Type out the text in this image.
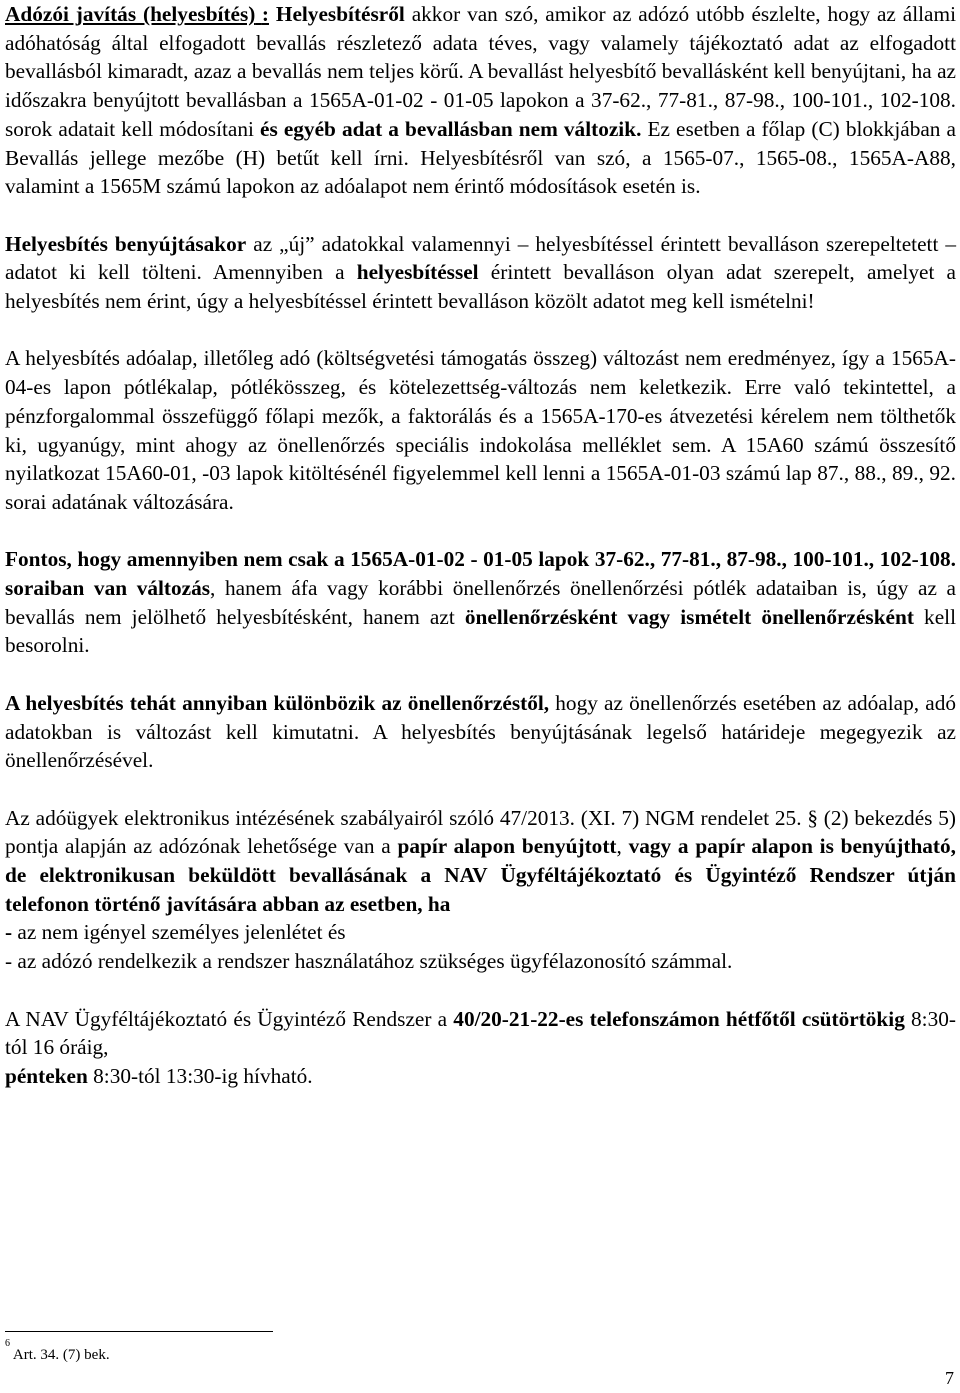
Adózói javítás (helyesbítés) : Helyesbítésről akkor van szó, amikor az adózó utóbb észlelte, hogy az állami adóhatóság által elfogadott bevallás részletező adata téves, vagy valamely tájékoztató adat az elfogadott bevallásból kimaradt, azaz a bevallás nem teljes körű. A bevallást helyesbítő bevallásként kell benyújtani, ha az időszakra benyújtott bevallásban a 1565A-01-02 - 01-05 lapokon a 37-62., 77-81., 87-98., 100-101., 102-108. sorok adatait kell módosítani és egyéb adat a bevallásban nem változik. Ez esetben a főlap (C) blokkjában a Bevallás jellege mezőbe (H) betűt kell írni. Helyesbítésről van szó, a 1565-07., 1565-08., 1565A-A88, valamint a 1565M számú lapokon az adóalapot nem érintő módosítások esetén is.

Helyesbítés benyújtásakor az „új” adatokkal valamennyi – helyesbítéssel érintett bevalláson szerepeltetett – adatot ki kell tölteni. Amennyiben a helyesbítéssel érintett bevalláson olyan adat szerepelt, amelyet a helyesbítés nem érint, úgy a helyesbítéssel érintett bevalláson közölt adatot meg kell ismételni!

A helyesbítés adóalap, illetőleg adó (költségvetési támogatás összeg) változást nem eredményez, így a 1565A-04-es lapon pótlékalap, pótlékösszeg, és kötelezettség-változás nem keletkezik. Erre való tekintettel, a pénzforgalommal összefüggő főlapi mezők, a faktorálás és a 1565A-170-es átvezetési kérelem nem tölthetők ki, ugyanúgy, mint ahogy az önellenőrzés speciális indokolása melléklet sem. A 15A60 számú összesítő nyilatkozat 15A60-01, -03 lapok kitöltésénél figyelemmel kell lenni a 1565A-01-03 számú lap 87., 88., 89., 92. sorai adatának változására.

Fontos, hogy amennyiben nem csak a 1565A-01-02 - 01-05 lapok 37-62., 77-81., 87-98., 100-101., 102-108. soraiban van változás, hanem áfa vagy korábbi önellenőrzés önellenőrzési pótlék adataiban is, úgy az a bevallás nem jelölhető helyesbítésként, hanem azt önellenőrzésként vagy ismételt önellenőrzésként kell besorolni.

A helyesbítés tehát annyiban különbözik az önellenőrzéstől, hogy az önellenőrzés esetében az adóalap, adó adatokban is változást kell kimutatni. A helyesbítés benyújtásának legelső határideje megegyezik az önellenőrzésével.

Az adóügyek elektronikus intézésének szabályairól szóló 47/2013. (XI. 7) NGM rendelet 25. § (2) bekezdés 5) pontja alapján az adózónak lehetősége van a papír alapon benyújtott, vagy a papír alapon is benyújtható, de elektronikusan beküldött bevallásának a NAV Ügyféltájékoztató és Ügyintéző Rendszer útján telefonon történő javítására abban az esetben, ha

- az nem igényel személyes jelenlétet és

- az adózó rendelkezik a rendszer használatához szükséges ügyfélazonosító számmal.

A NAV Ügyféltájékoztató és Ügyintéző Rendszer a 40/20-21-22-es telefonszámon hétfőtől csütörtökig 8:30-tól 16 óráig,
pénteken 8:30-tól 13:30-ig hívható.

$^6$ Art. 34. (7) bek.
7
